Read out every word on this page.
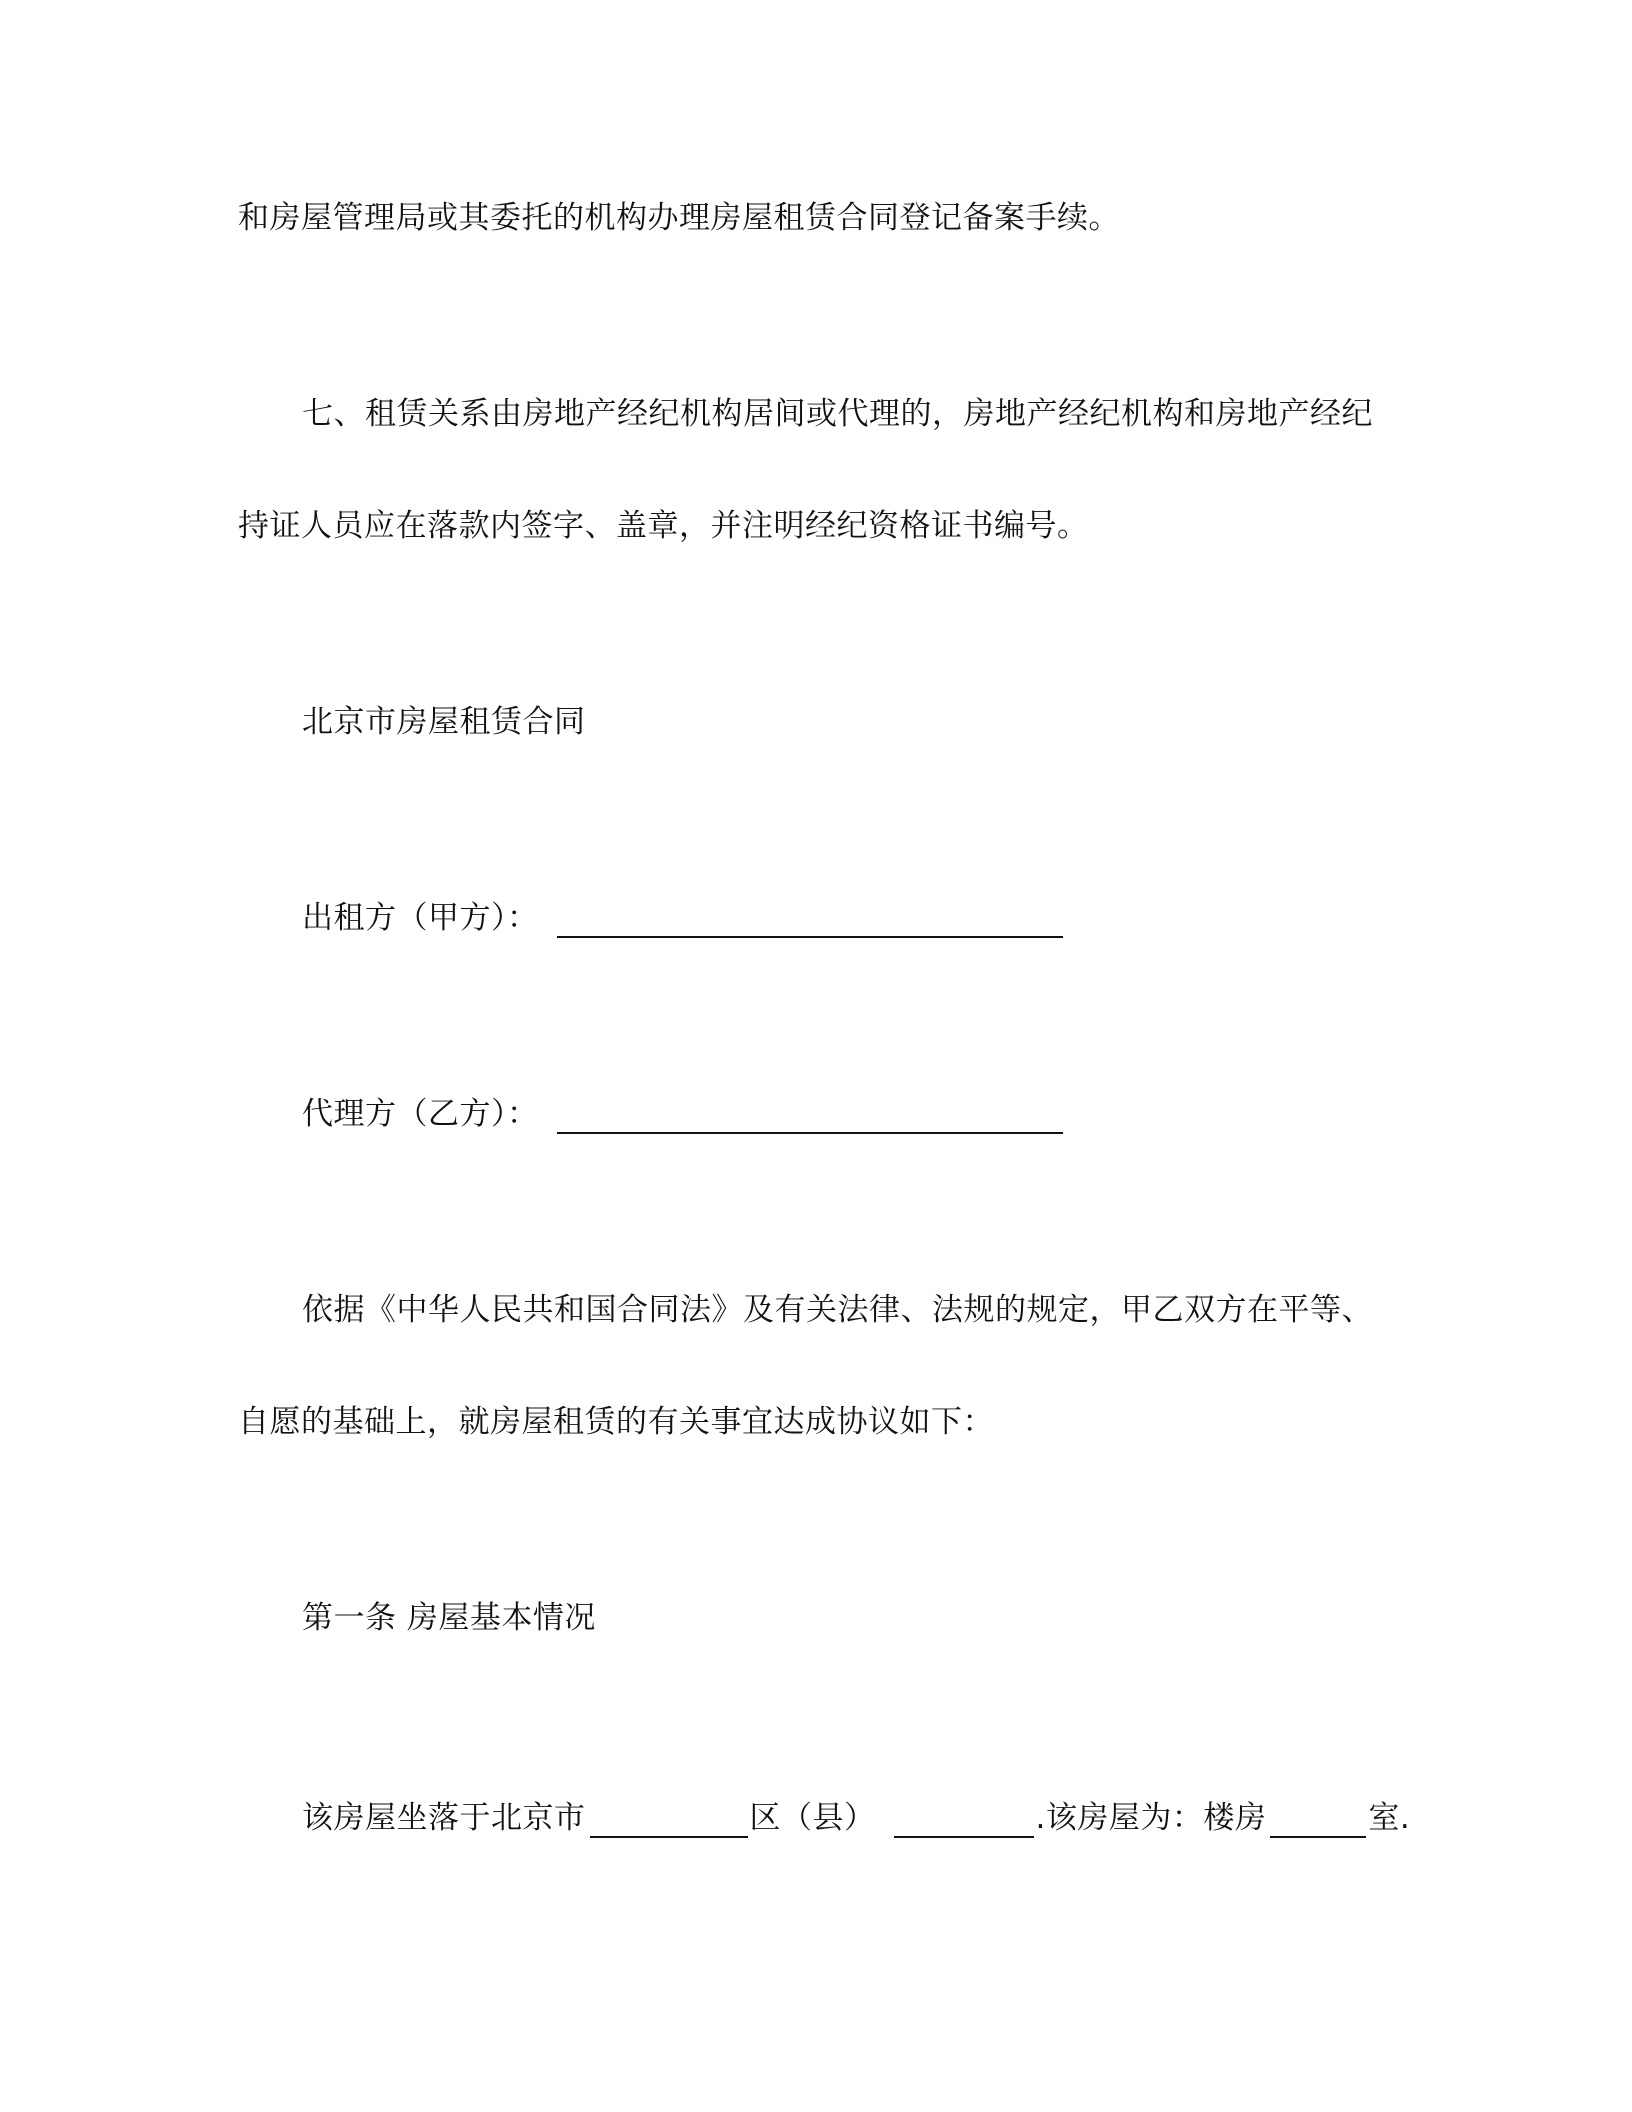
和房屋管理局或其委托的机构办理房屋租赁合同登记备案手续。
七、租赁关系由房地产经纪机构居间或代理的，房地产经纪机构和房地产经纪
持证人员应在落款内签字、盖章，并注明经纪资格证书编号。
北京市房屋租赁合同
出租方（甲方）：
代理方（乙方）：
依据《中华人民共和国合同法》及有关法律、法规的规定，甲乙双方在平等、
自愿的基础上，就房屋租赁的有关事宜达成协议如下：
第一条 房屋基本情况
该房屋坐落于北京市	区（县）	.该房屋为：楼房	室.
